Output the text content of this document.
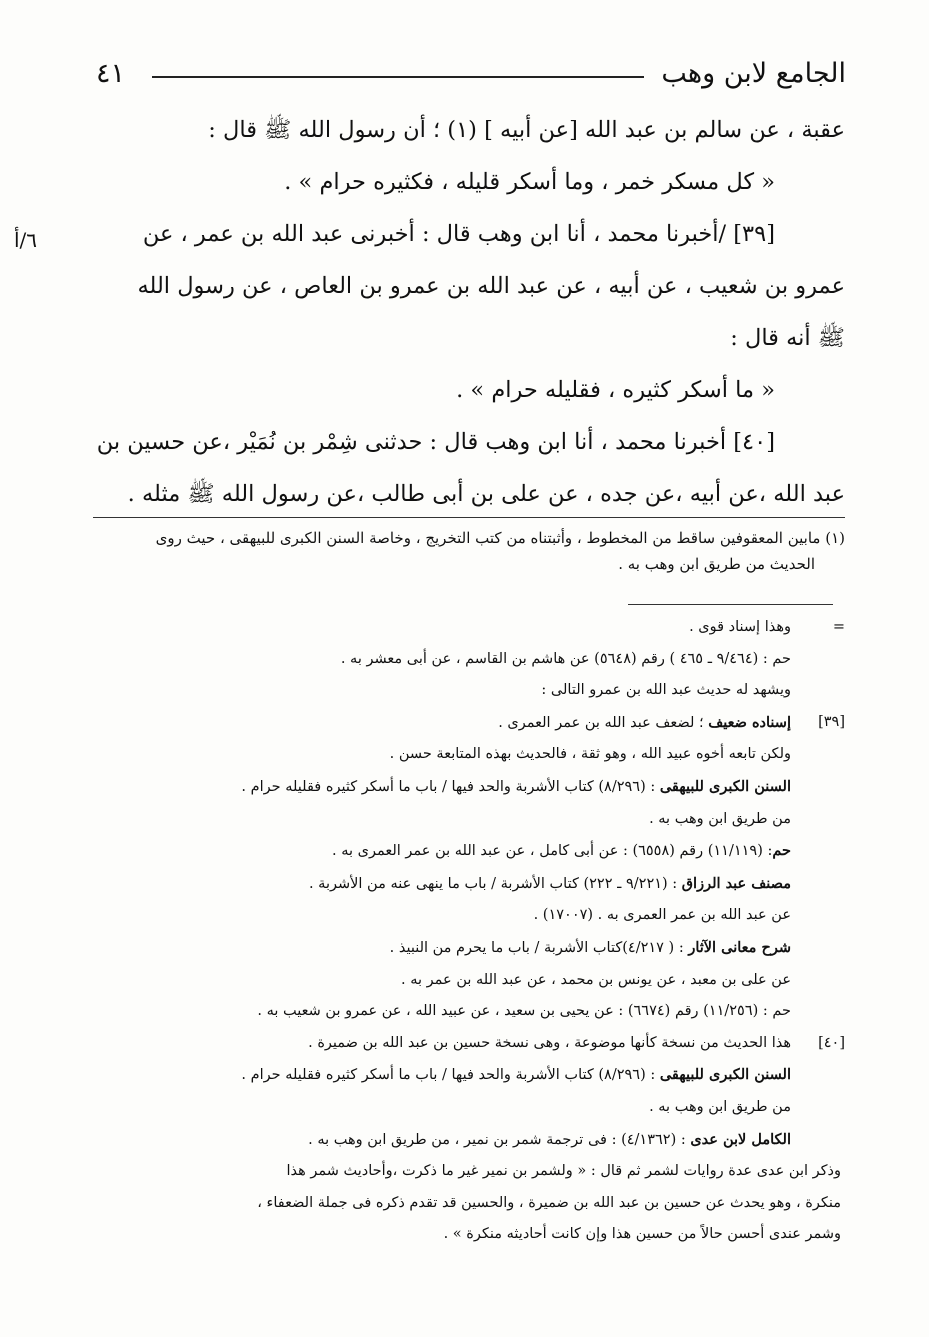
الجامع لابن وهب
٤١

عقبة ، عن سالم بن عبد الله [عن أبيه ] (١) ؛ أن رسول الله ﷺ قال :

« كل مسكر خمر ، وما أسكر قليله ، فكثيره حرام » .

[٣٩] /أخبرنا محمد ، أنا ابن وهب قال : أخبرنى عبد الله بن عمر ، عن

عمرو بن شعيب ، عن أبيه ، عن عبد الله بن عمرو بن العاص ، عن رسول الله

ﷺ أنه قال :

« ما أسكر كثيره ، فقليله حرام » .

[٤٠] أخبرنا محمد ، أنا ابن وهب قال : حدثنى شِمْر بن نُمَيْر ،عن حسين بن

عبد الله ،عن أبيه ،عن جده ، عن على بن أبى طالب ،عن رسول الله ﷺ مثله .

٦/أ
(١) مابين المعقوفين ساقط من المخطوط ، وأثبتناه من كتب التخريج ، وخاصة السنن الكبرى للبيهقى ، حيث روى
الحديث من طريق ابن وهب به .
=
وهذا إسناد قوى .
حم : (٩/٤٦٤ ـ ٤٦٥ ) رقم (٥٦٤٨) عن هاشم بن القاسم ، عن أبى معشر به .
ويشهد له حديث عبد الله بن عمرو التالى :
[٣٩]
إسناده ضعيف ؛ لضعف عبد الله بن عمر العمرى .
ولكن تابعه أخوه عبيد الله ، وهو ثقة ، فالحديث بهذه المتابعة حسن .
السنن الكبرى للبيهقى : (٨/٢٩٦) كتاب الأشربة والحد فيها / باب ما أسكر كثيره فقليله حرام .
من طريق ابن وهب به .
حم: (١١/١١٩) رقم (٦٥٥٨) : عن أبى كامل ، عن عبد الله بن عمر العمرى به .
مصنف عبد الرزاق : (٩/٢٢١ ـ ٢٢٢) كتاب الأشربة / باب ما ينهى عنه من الأشربة .
عن عبد الله بن عمر العمرى به . (١٧٠٠٧) .
شرح معانى الآثار : ( ٤/٢١٧)كتاب الأشربة / باب ما يحرم من النبيذ .
عن على بن معبد ، عن يونس بن محمد ، عن عبد الله بن عمر به .
حم : (١١/٢٥٦) رقم (٦٦٧٤) : عن يحيى بن سعيد ، عن عبيد الله ، عن عمرو بن شعيب به .
[٤٠]
هذا الحديث من نسخة كأنها موضوعة ، وهى نسخة حسين بن عبد الله بن ضميرة .
السنن الكبرى للبيهقى : (٨/٢٩٦) كتاب الأشربة والحد فيها / باب ما أسكر كثيره فقليله حرام .
من طريق ابن وهب به .
الكامل لابن عدى : (٤/١٣٦٢) : فى ترجمة شمر بن نمير ، من طريق ابن وهب به .
وذكر ابن عدى عدة روايات لشمر ثم قال : « ولشمر بن نمير غير ما ذكرت ،وأحاديث شمر هذا
منكرة ، وهو يحدث عن حسين بن عبد الله بن ضميرة ، والحسين قد تقدم ذكره فى جملة الضعفاء ،
وشمر عندى أحسن حالاً من حسين هذا وإن كانت أحاديثه منكرة » .
